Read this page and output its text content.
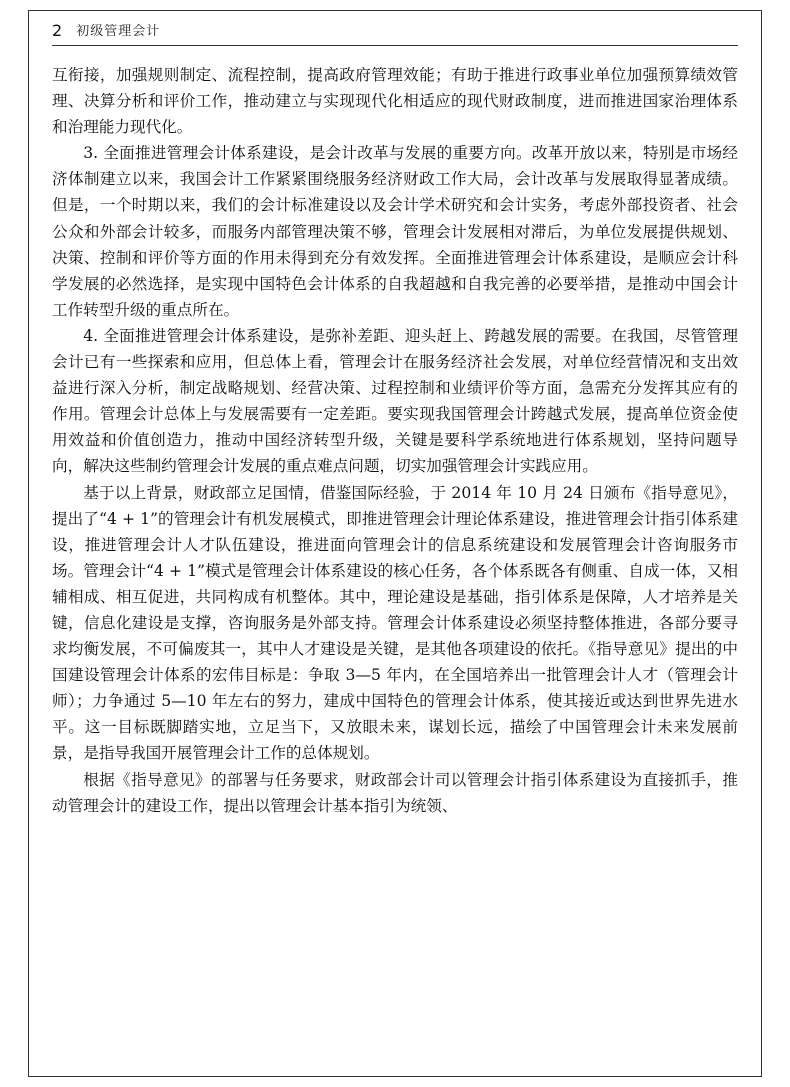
2 初级管理会计

互衔接，加强规则制定、流程控制，提高政府管理效能；有助于推进行政事业单位加强预算绩效管理、决算分析和评价工作，推动建立与实现现代化相适应的现代财政制度，进而推进国家治理体系和治理能力现代化。

3. 全面推进管理会计体系建设，是会计改革与发展的重要方向。改革开放以来，特别是市场经济体制建立以来，我国会计工作紧紧围绕服务经济财政工作大局，会计改革与发展取得显著成绩。但是，一个时期以来，我们的会计标准建设以及会计学术研究和会计实务，考虑外部投资者、社会公众和外部会计较多，而服务内部管理决策不够，管理会计发展相对滞后，为单位发展提供规划、决策、控制和评价等方面的作用未得到充分有效发挥。全面推进管理会计体系建设，是顺应会计科学发展的必然选择，是实现中国特色会计体系的自我超越和自我完善的必要举措，是推动中国会计工作转型升级的重点所在。

4. 全面推进管理会计体系建设，是弥补差距、迎头赶上、跨越发展的需要。在我国，尽管管理会计已有一些探索和应用，但总体上看，管理会计在服务经济社会发展，对单位经营情况和支出效益进行深入分析，制定战略规划、经营决策、过程控制和业绩评价等方面，急需充分发挥其应有的作用。管理会计总体上与发展需要有一定差距。要实现我国管理会计跨越式发展，提高单位资金使用效益和价值创造力，推动中国经济转型升级，关键是要科学系统地进行体系规划，坚持问题导向，解决这些制约管理会计发展的重点难点问题，切实加强管理会计实践应用。

基于以上背景，财政部立足国情，借鉴国际经验，于 2014 年 10 月 24 日颁布《指导意见》，提出了“4 + 1”的管理会计有机发展模式，即推进管理会计理论体系建设，推进管理会计指引体系建设，推进管理会计人才队伍建设，推进面向管理会计的信息系统建设和发展管理会计咨询服务市场。管理会计“4 + 1”模式是管理会计体系建设的核心任务，各个体系既各有侧重、自成一体，又相辅相成、相互促进，共同构成有机整体。其中，理论建设是基础，指引体系是保障，人才培养是关键，信息化建设是支撑，咨询服务是外部支持。管理会计体系建设必须坚持整体推进，各部分要寻求均衡发展，不可偏废其一，其中人才建设是关键，是其他各项建设的依托。《指导意见》提出的中国建设管理会计体系的宏伟目标是：争取 3—5 年内，在全国培养出一批管理会计人才（管理会计师）；力争通过 5—10 年左右的努力，建成中国特色的管理会计体系，使其接近或达到世界先进水平。这一目标既脚踏实地，立足当下，又放眼未来，谋划长远，描绘了中国管理会计未来发展前景，是指导我国开展管理会计工作的总体规划。

根据《指导意见》的部署与任务要求，财政部会计司以管理会计指引体系建设为直接抓手，推动管理会计的建设工作，提出以管理会计基本指引为统领、
